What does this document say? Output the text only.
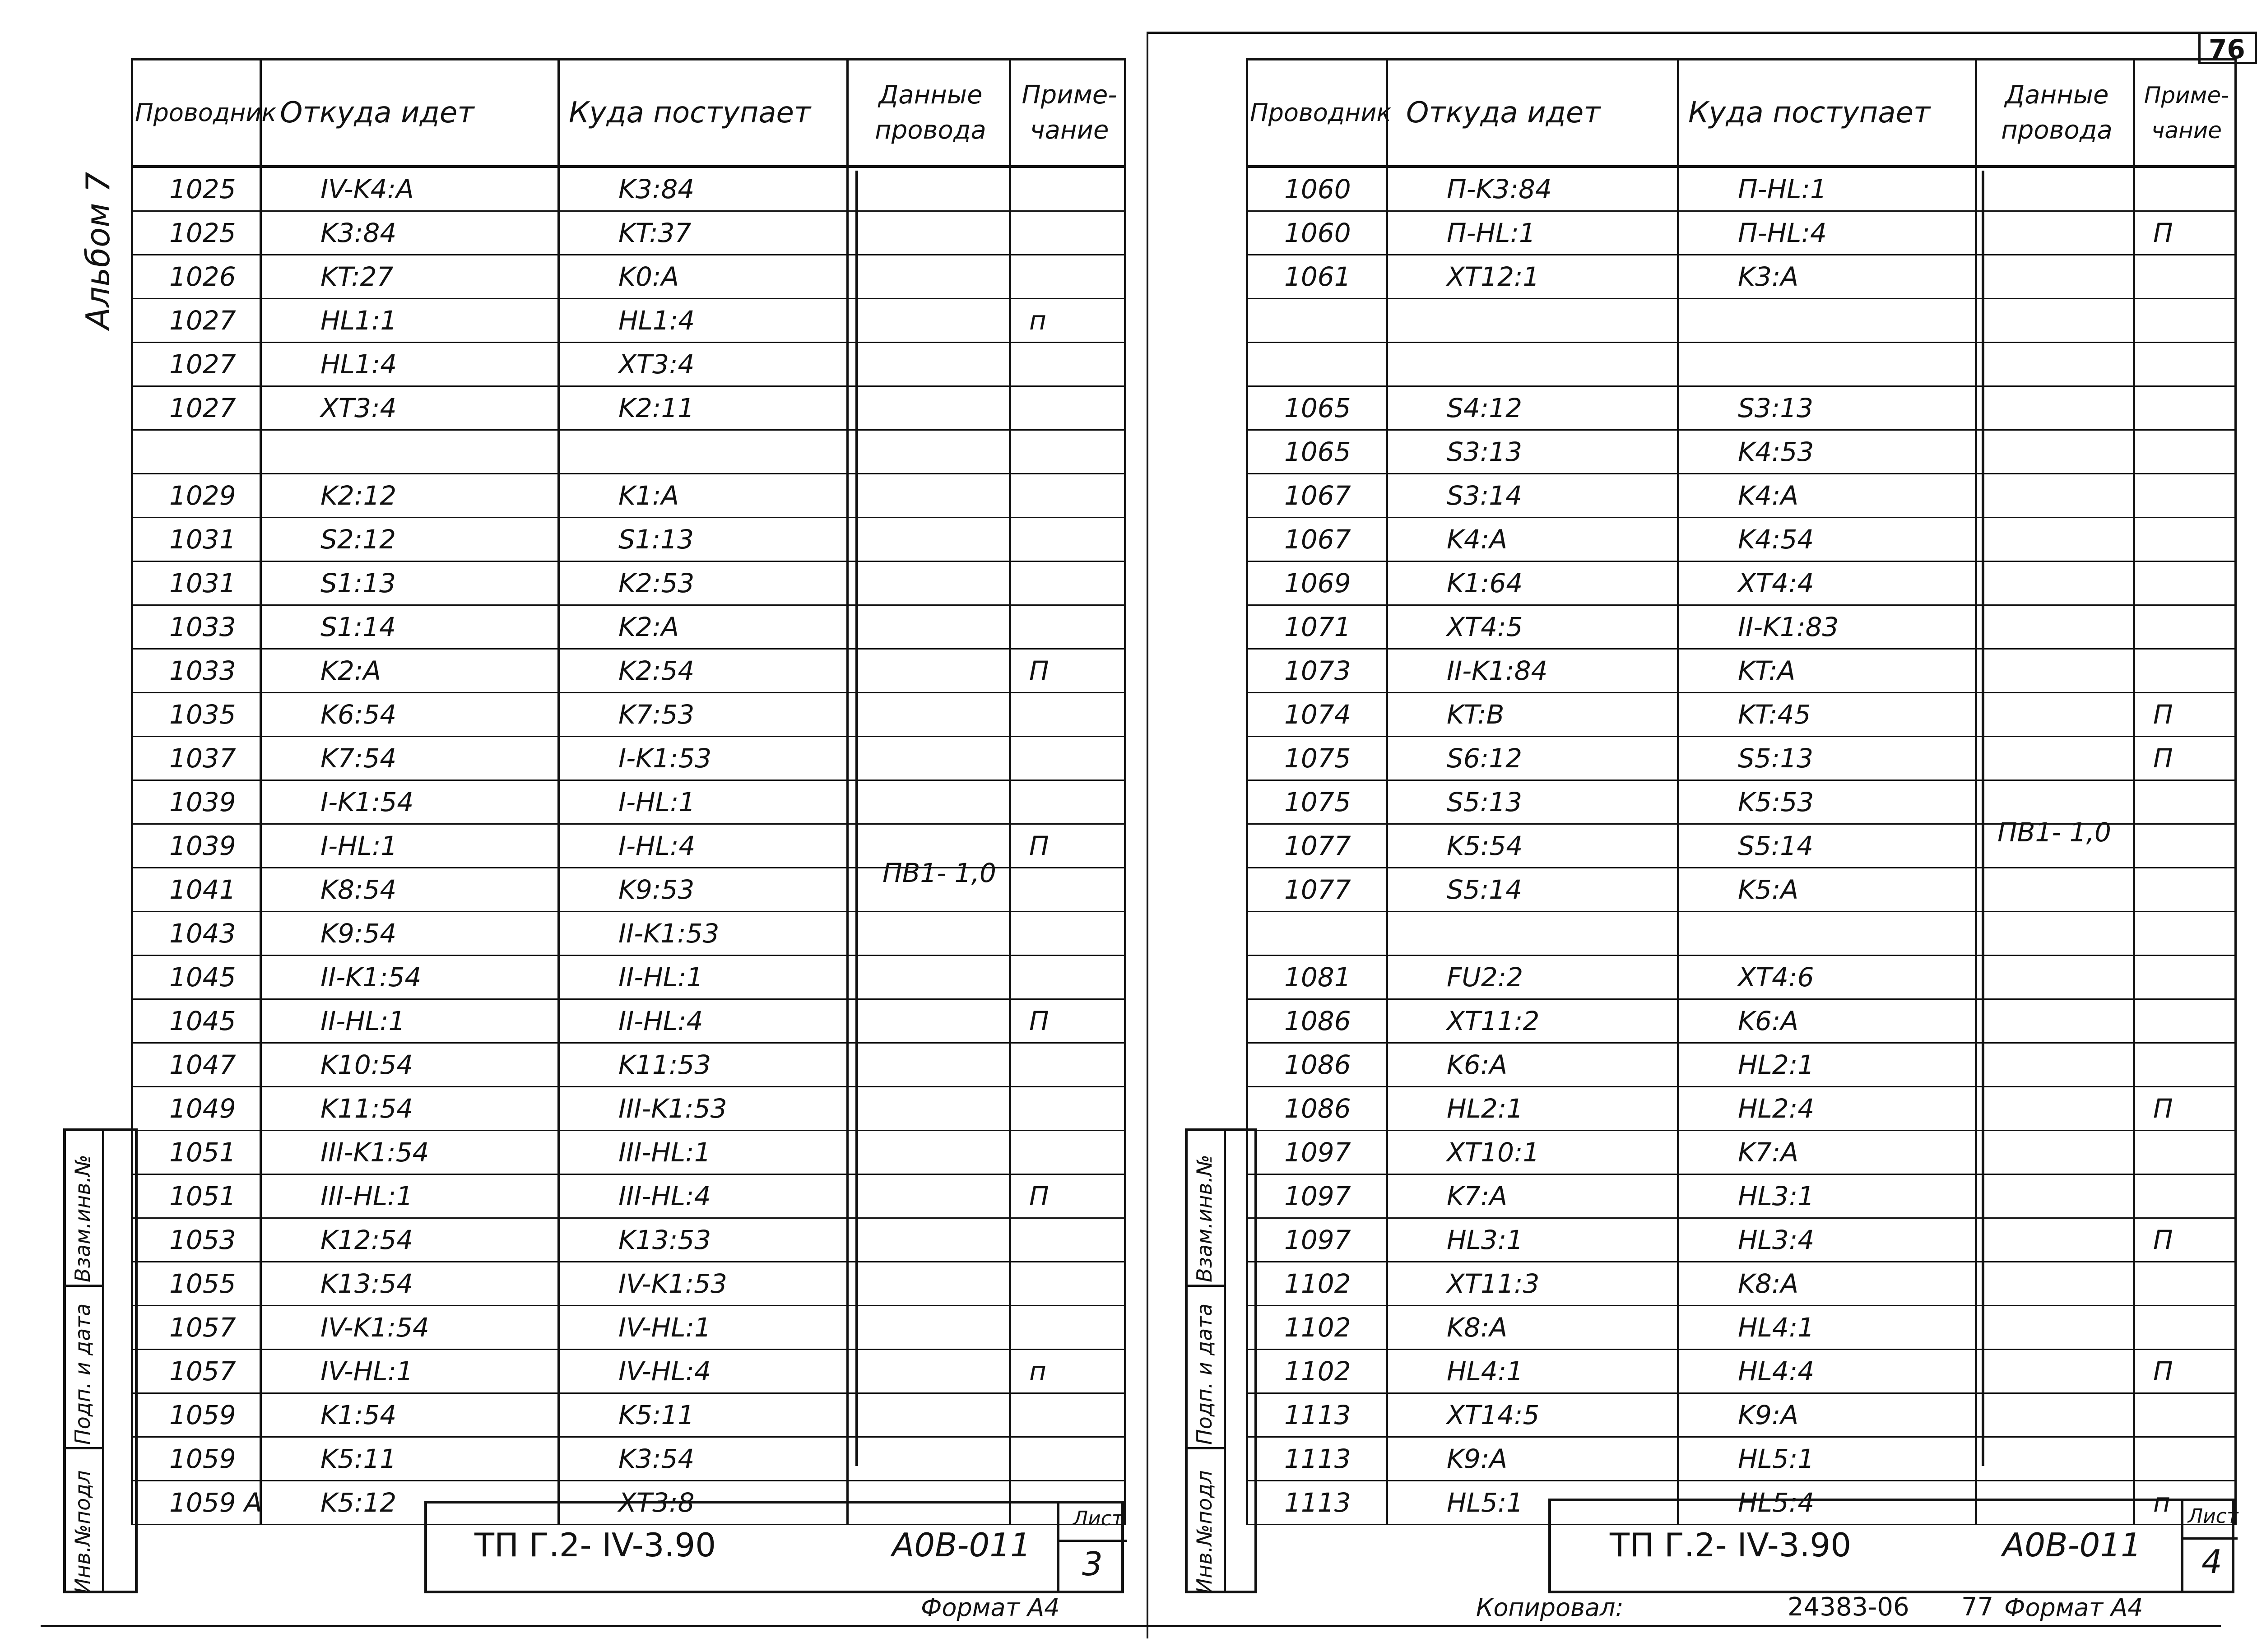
76
Альбом 7
Проводник	Откуда идет	Куда поступает	Данные провода	Приме- чание
1025	IV-K4:A	K3:84		
1025	K3:84	KT:37		
1026	KT:27	K0:A		
1027	HL1:1	HL1:4		п
1027	HL1:4	XT3:4		
1027	XT3:4	K2:11		

1029	K2:12	K1:A		
1031	S2:12	S1:13		
1031	S1:13	K2:53		
1033	S1:14	K2:A		
1033	K2:A	K2:54		П
1035	K6:54	K7:53		
1037	K7:54	I-K1:53		
1039	I-K1:54	I-HL:1		
1039	I-HL:1	I-HL:4		П
1041	K8:54	K9:53		
1043	K9:54	II-K1:53		
1045	II-K1:54	II-HL:1		
1045	II-HL:1	II-HL:4		П
1047	K10:54	K11:53		
1049	K11:54	III-K1:53		
1051	III-K1:54	III-HL:1		
1051	III-HL:1	III-HL:4		П
1053	K12:54	K13:53		
1055	K13:54	IV-K1:53		
1057	IV-K1:54	IV-HL:1		
1057	IV-HL:1	IV-HL:4		п
1059	K1:54	K5:11		
1059	K5:11	K3:54		
1059 A	K5:12	XT3:8		
ПВ1- 1,0
Инв.№подл
Подп. и дата
Взам.инв.№
ТП Г.2- IV-3.90	А0В-011
Лист
3
Формат А4
Проводник	Откуда идет	Куда поступает	Данные провода	Приме- чание
1060	П-K3:84	П-HL:1		
1060	П-HL:1	П-HL:4		П
1061	XT12:1	K3:A		

1065	S4:12	S3:13		
1065	S3:13	K4:53		
1067	S3:14	K4:A		
1067	K4:A	K4:54		
1069	K1:64	XT4:4		
1071	XT4:5	II-K1:83		
1073	II-K1:84	KT:A		
1074	KT:B	KT:45		П
1075	S6:12	S5:13		П
1075	S5:13	K5:53		
1077	K5:54	S5:14		
1077	S5:14	K5:A		

1081	FU2:2	XT4:6		
1086	XT11:2	K6:A		
1086	K6:A	HL2:1		
1086	HL2:1	HL2:4		П
1097	XT10:1	K7:A		
1097	K7:A	HL3:1		
1097	HL3:1	HL3:4		П
1102	XT11:3	K8:A		
1102	K8:A	HL4:1		
1102	HL4:1	HL4:4		П
1113	XT14:5	K9:A		
1113	K9:A	HL5:1		
1113	HL5:1	HL5:4		п
ПВ1- 1,0
Инв.№подл
Подп. и дата
Взам.инв.№
ТП Г.2- IV-3.90	А0В-011
Лист
4
Копировал:	24383-06 77 Формат А4
